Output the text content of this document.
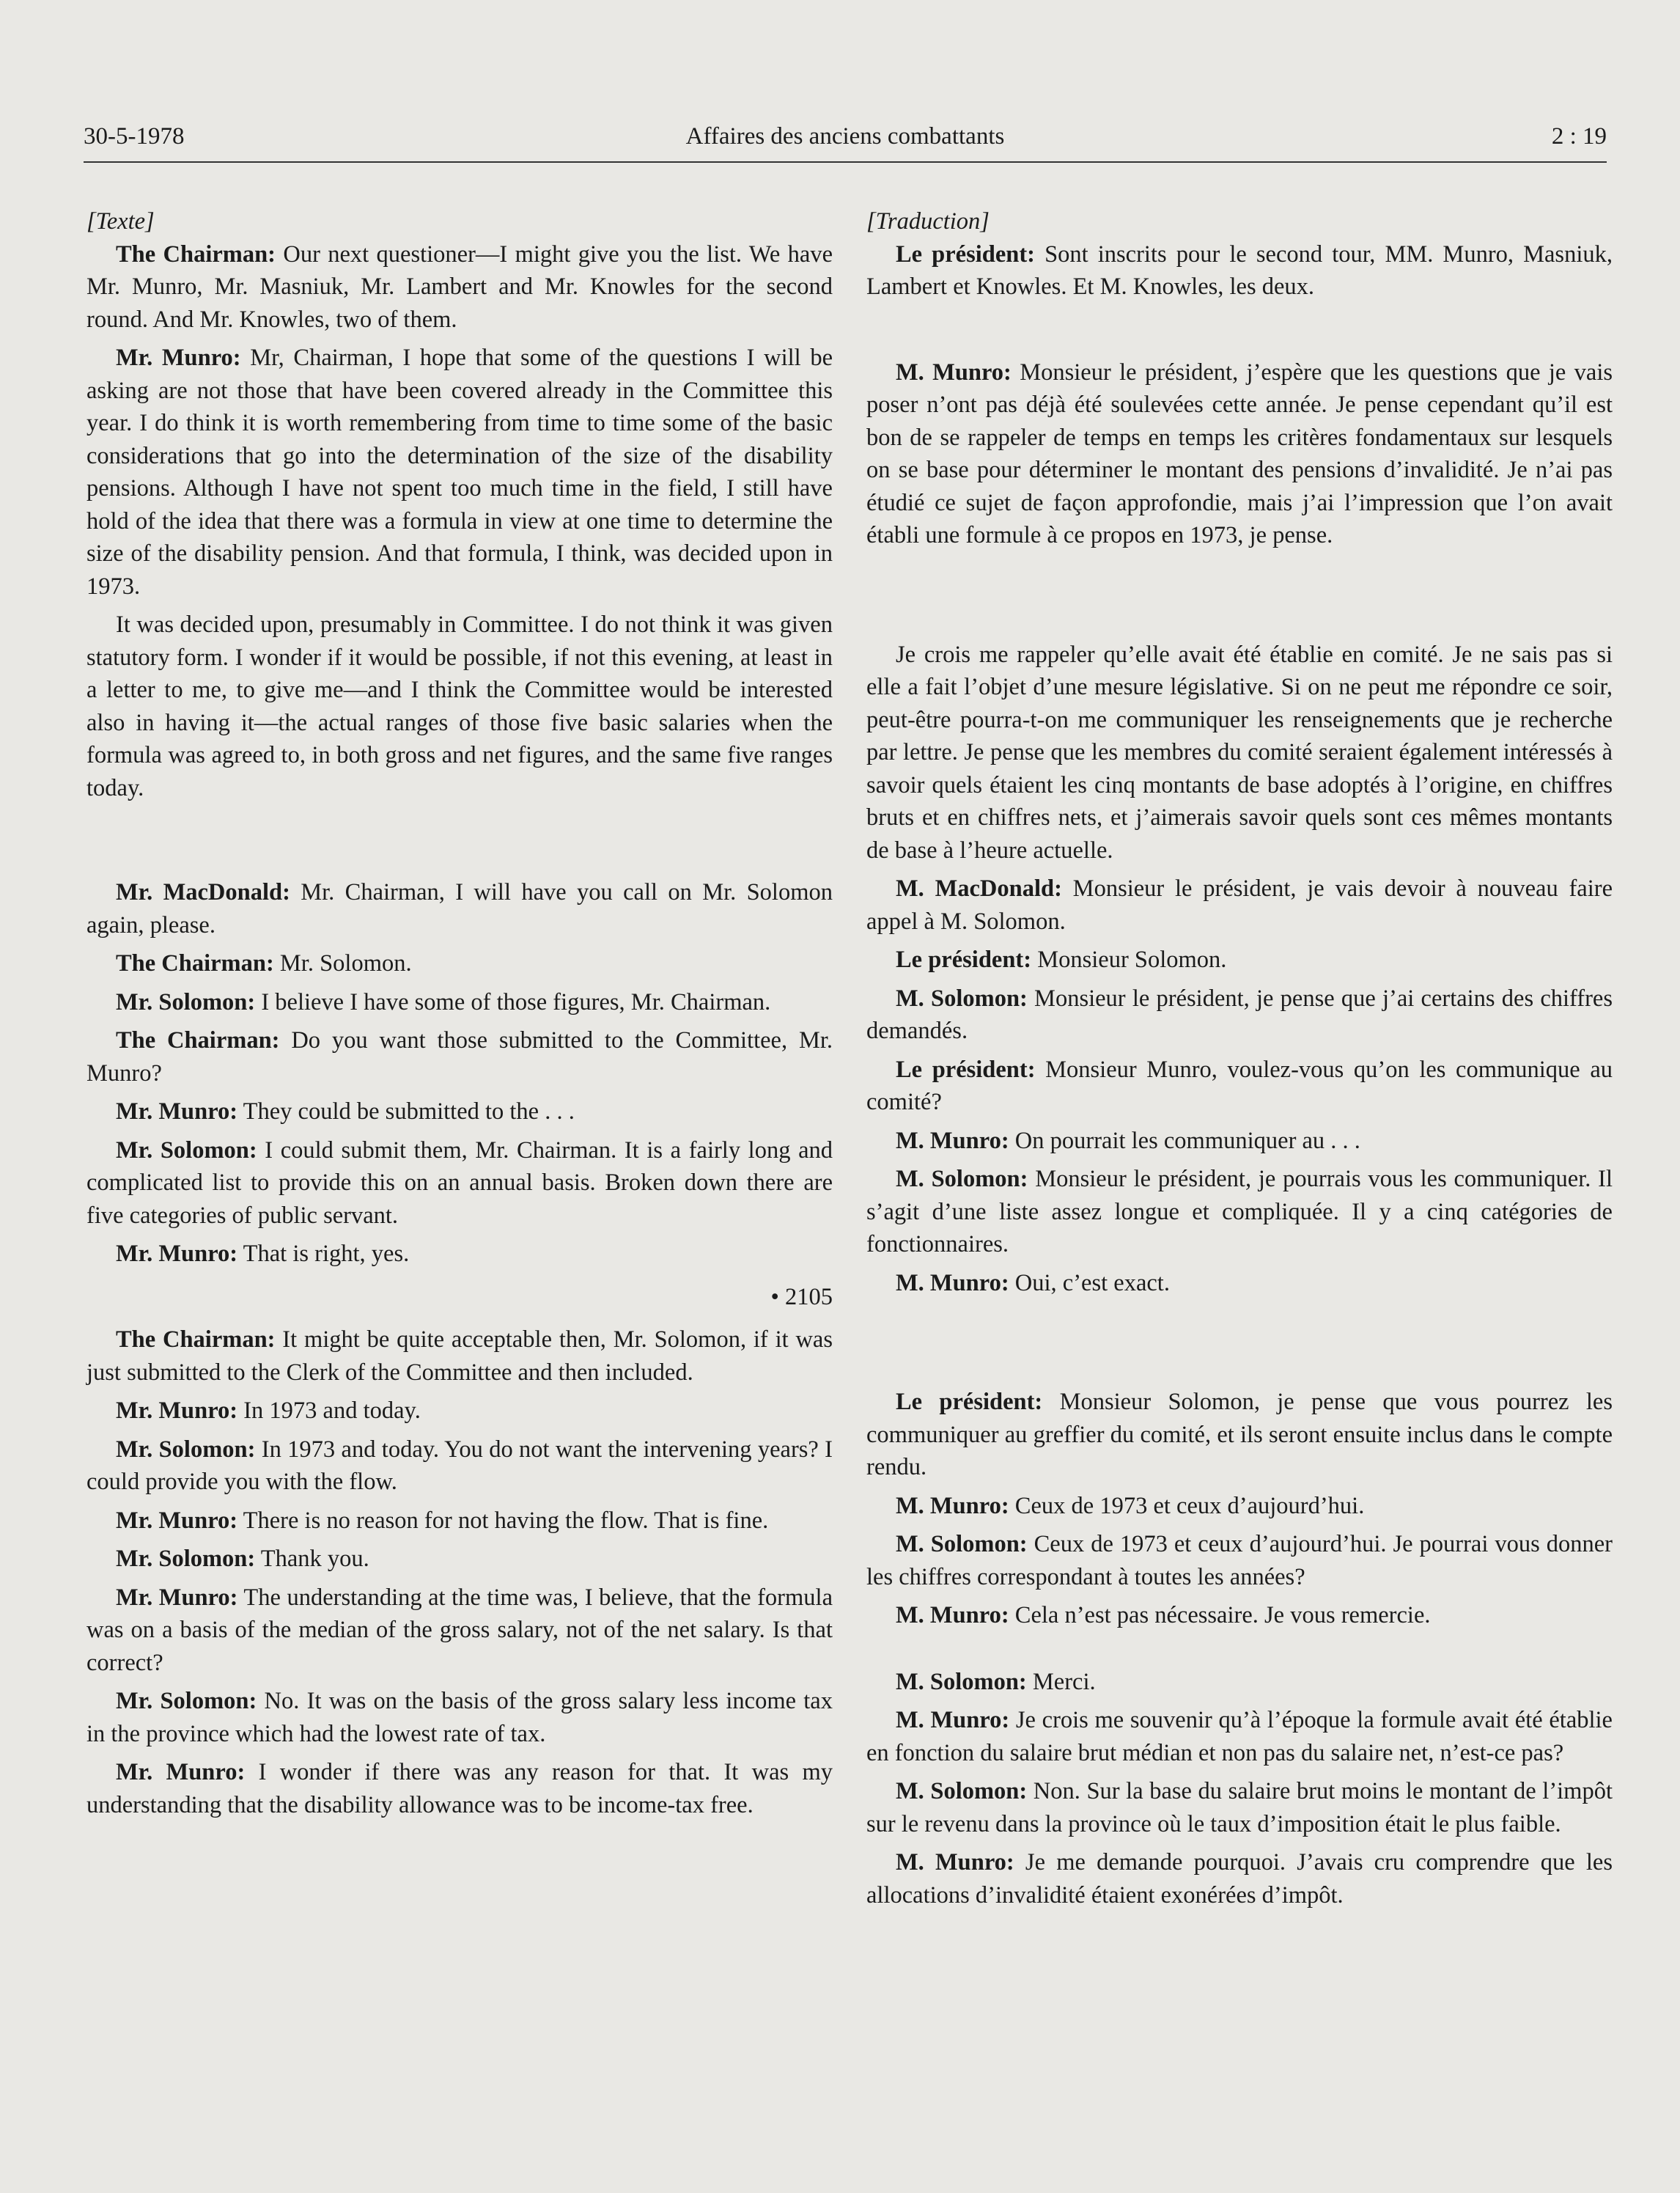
30-5-1978	Affaires des anciens combattants	2 : 19

[Texte]

The Chairman: Our next questioner—I might give you the list. We have Mr. Munro, Mr. Masniuk, Mr. Lambert and Mr. Knowles for the second round. And Mr. Knowles, two of them.

Mr. Munro: Mr, Chairman, I hope that some of the questions I will be asking are not those that have been covered already in the Committee this year. I do think it is worth remembering from time to time some of the basic considerations that go into the determination of the size of the disability pensions. Although I have not spent too much time in the field, I still have hold of the idea that there was a formula in view at one time to determine the size of the disability pension. And that formula, I think, was decided upon in 1973.

It was decided upon, presumably in Committee. I do not think it was given statutory form. I wonder if it would be possible, if not this evening, at least in a letter to me, to give me—and I think the Committee would be interested also in having it—the actual ranges of those five basic salaries when the formula was agreed to, in both gross and net figures, and the same five ranges today.

Mr. MacDonald: Mr. Chairman, I will have you call on Mr. Solomon again, please.

The Chairman: Mr. Solomon.

Mr. Solomon: I believe I have some of those figures, Mr. Chairman.

The Chairman: Do you want those submitted to the Committee, Mr. Munro?

Mr. Munro: They could be submitted to the . . .

Mr. Solomon: I could submit them, Mr. Chairman. It is a fairly long and complicated list to provide this on an annual basis. Broken down there are five categories of public servant.

Mr. Munro: That is right, yes.

• 2105

The Chairman: It might be quite acceptable then, Mr. Solomon, if it was just submitted to the Clerk of the Committee and then included.

Mr. Munro: In 1973 and today.

Mr. Solomon: In 1973 and today. You do not want the intervening years? I could provide you with the flow.

Mr. Munro: There is no reason for not having the flow. That is fine.

Mr. Solomon: Thank you.

Mr. Munro: The understanding at the time was, I believe, that the formula was on a basis of the median of the gross salary, not of the net salary. Is that correct?

Mr. Solomon: No. It was on the basis of the gross salary less income tax in the province which had the lowest rate of tax.

Mr. Munro: I wonder if there was any reason for that. It was my understanding that the disability allowance was to be income-tax free.

[Traduction]

Le président: Sont inscrits pour le second tour, MM. Munro, Masniuk, Lambert et Knowles. Et M. Knowles, les deux.

M. Munro: Monsieur le président, j’espère que les questions que je vais poser n’ont pas déjà été soulevées cette année. Je pense cependant qu’il est bon de se rappeler de temps en temps les critères fondamentaux sur lesquels on se base pour déterminer le montant des pensions d’invalidité. Je n’ai pas étudié ce sujet de façon approfondie, mais j’ai l’impression que l’on avait établi une formule à ce propos en 1973, je pense.

Je crois me rappeler qu’elle avait été établie en comité. Je ne sais pas si elle a fait l’objet d’une mesure législative. Si on ne peut me répondre ce soir, peut-être pourra-t-on me communiquer les renseignements que je recherche par lettre. Je pense que les membres du comité seraient également intéressés à savoir quels étaient les cinq montants de base adoptés à l’origine, en chiffres bruts et en chiffres nets, et j’aimerais savoir quels sont ces mêmes montants de base à l’heure actuelle.

M. MacDonald: Monsieur le président, je vais devoir à nouveau faire appel à M. Solomon.

Le président: Monsieur Solomon.

M. Solomon: Monsieur le président, je pense que j’ai certains des chiffres demandés.

Le président: Monsieur Munro, voulez-vous qu’on les communique au comité?

M. Munro: On pourrait les communiquer au . . .

M. Solomon: Monsieur le président, je pourrais vous les communiquer. Il s’agit d’une liste assez longue et compliquée. Il y a cinq catégories de fonctionnaires.

M. Munro: Oui, c’est exact.

Le président: Monsieur Solomon, je pense que vous pourrez les communiquer au greffier du comité, et ils seront ensuite inclus dans le compte rendu.

M. Munro: Ceux de 1973 et ceux d’aujourd’hui.

M. Solomon: Ceux de 1973 et ceux d’aujourd’hui. Je pourrai vous donner les chiffres correspondant à toutes les années?

M. Munro: Cela n’est pas nécessaire. Je vous remercie.

M. Solomon: Merci.

M. Munro: Je crois me souvenir qu’à l’époque la formule avait été établie en fonction du salaire brut médian et non pas du salaire net, n’est-ce pas?

M. Solomon: Non. Sur la base du salaire brut moins le montant de l’impôt sur le revenu dans la province où le taux d’imposition était le plus faible.

M. Munro: Je me demande pourquoi. J’avais cru comprendre que les allocations d’invalidité étaient exonérées d’impôt.
